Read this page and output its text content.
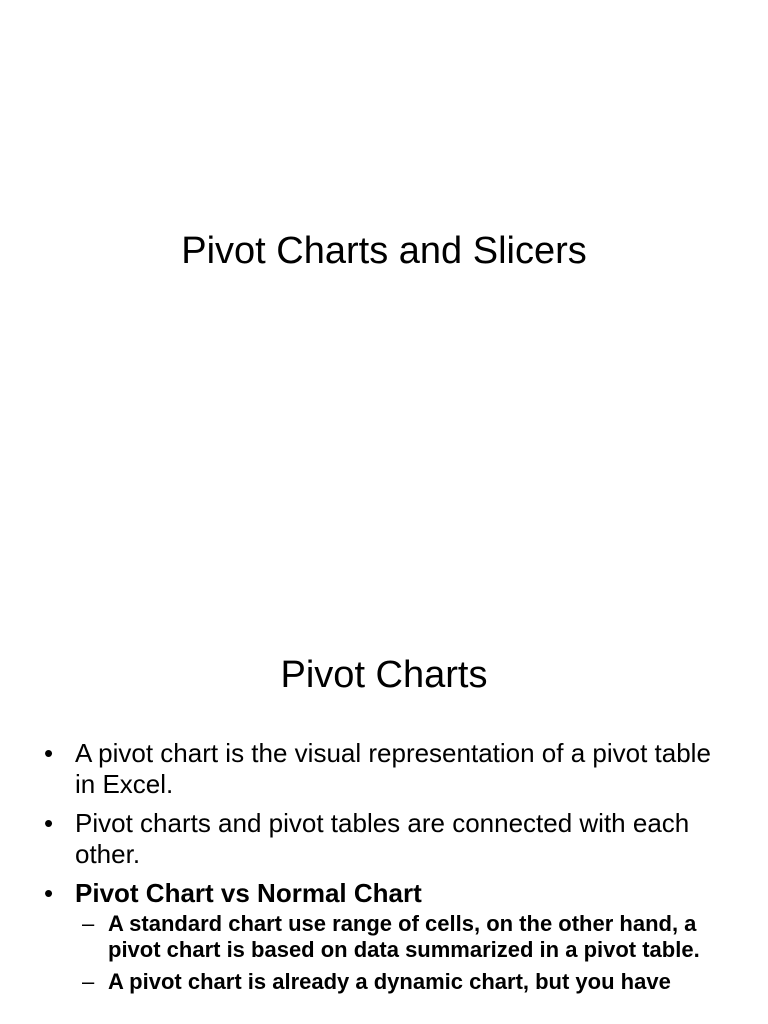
Pivot Charts and Slicers
Pivot Charts
• A pivot chart is the visual representation of a pivot table in Excel.
• Pivot charts and pivot tables are connected with each other.
• Pivot Chart vs Normal Chart
– A standard chart use range of cells, on the other hand, a pivot chart is based on data summarized in a pivot table.
– A pivot chart is already a dynamic chart, but you have
